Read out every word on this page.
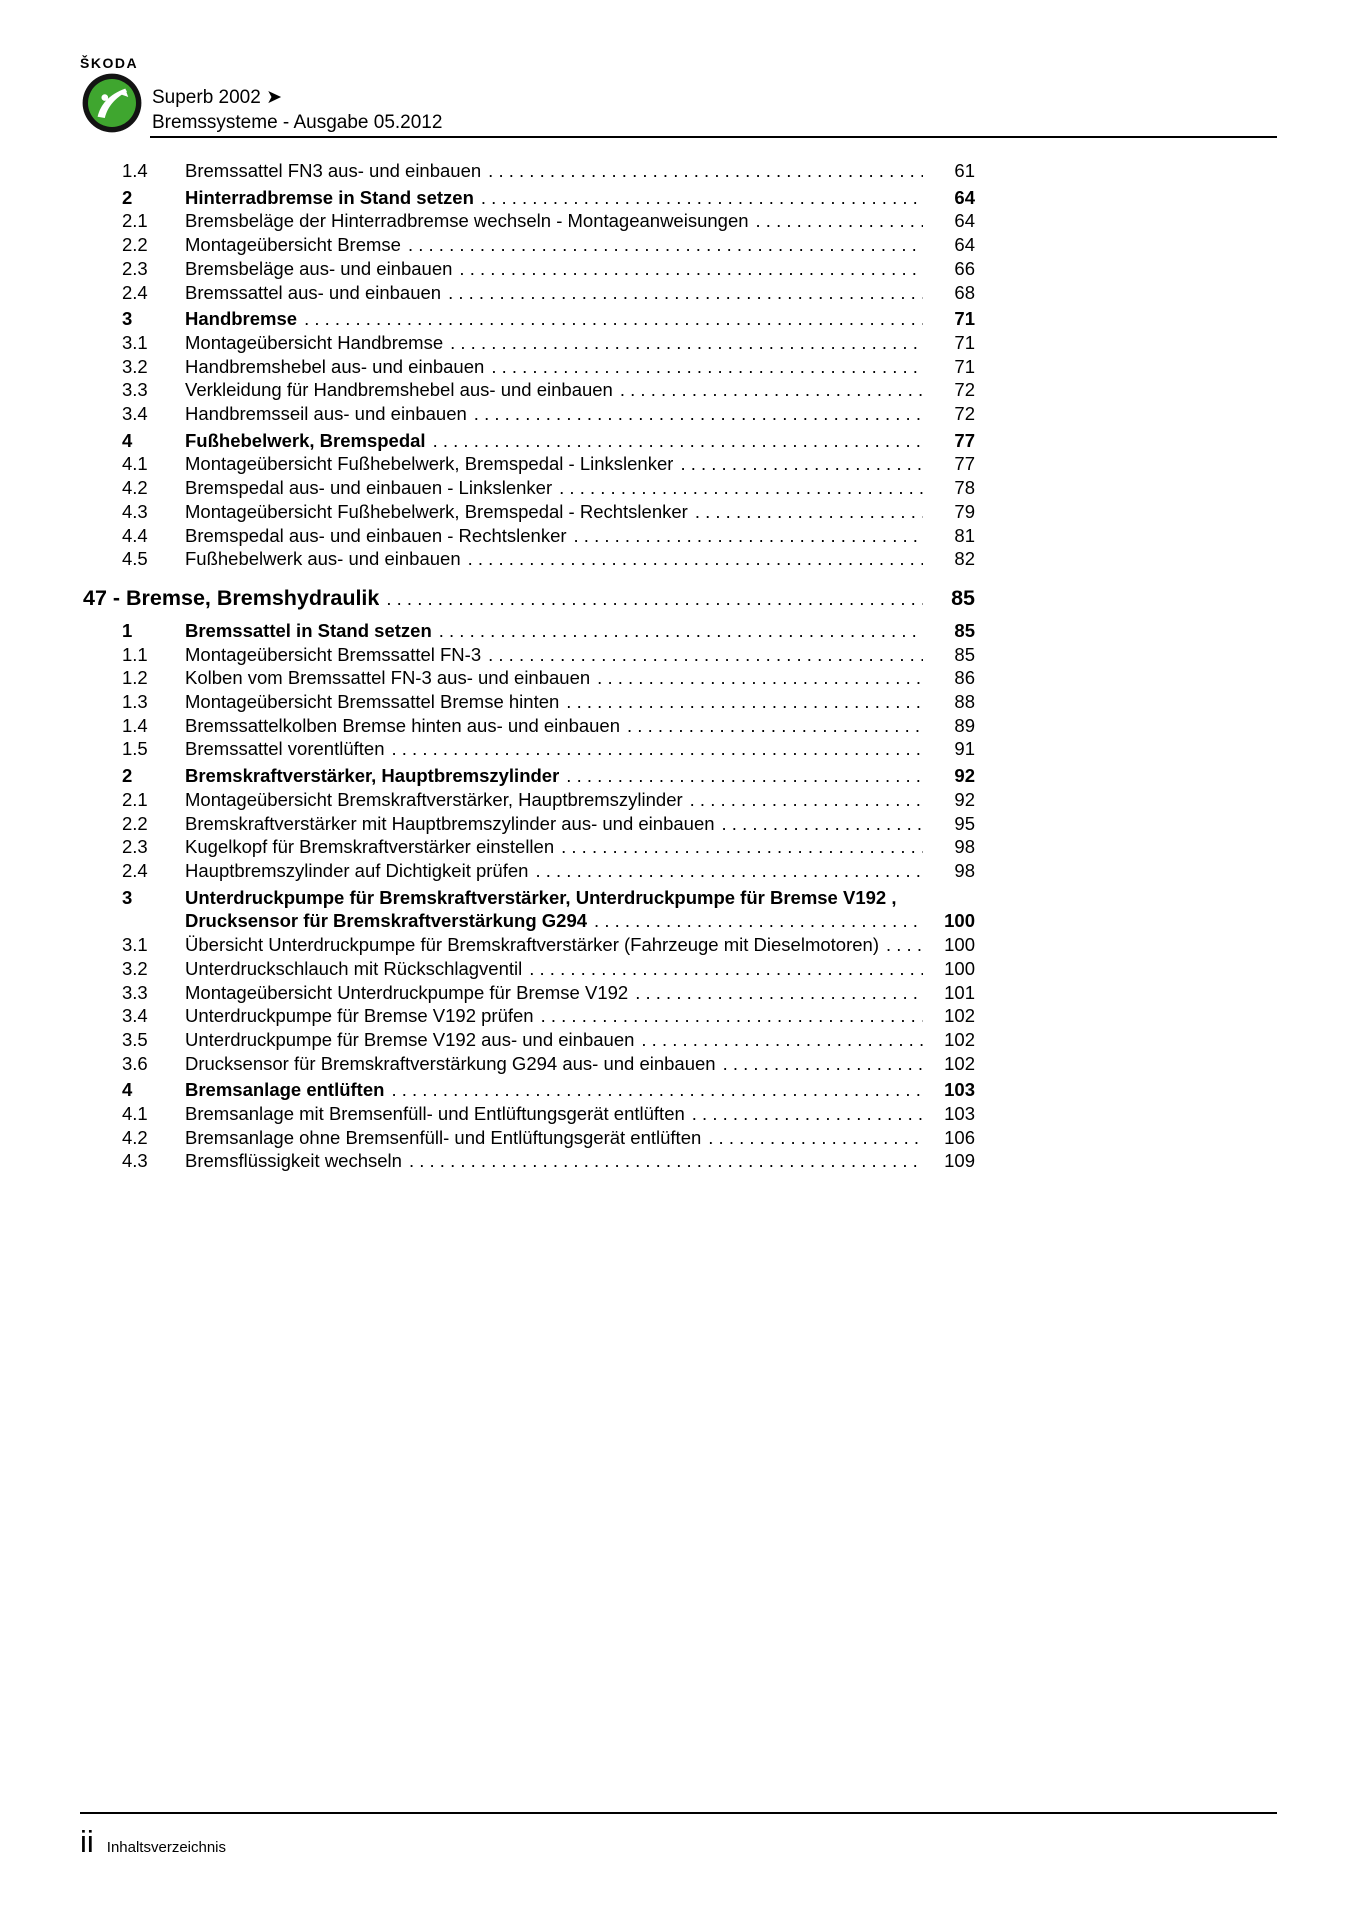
ŠKODA
Superb 2002 ➤
Bremssysteme - Ausgabe 05.2012
1.4	Bremssattel FN3 aus- und einbauen . . .	61
2	Hinterradbremse in Stand setzen . . .	64
2.1	Bremsbeläge der Hinterradbremse wechseln - Montageanweisungen . . .	64
2.2	Montageübersicht Bremse . . .	64
2.3	Bremsbeläge aus- und einbauen . . .	66
2.4	Bremssattel aus- und einbauen . . .	68
3	Handbremse . . .	71
3.1	Montageübersicht Handbremse . . .	71
3.2	Handbremshebel aus- und einbauen . . .	71
3.3	Verkleidung für Handbremshebel aus- und einbauen . . .	72
3.4	Handbremsseil aus- und einbauen . . .	72
4	Fußhebelwerk, Bremspedal . . .	77
4.1	Montageübersicht Fußhebelwerk, Bremspedal - Linkslenker . . .	77
4.2	Bremspedal aus- und einbauen - Linkslenker . . .	78
4.3	Montageübersicht Fußhebelwerk, Bremspedal - Rechtslenker . . .	79
4.4	Bremspedal aus- und einbauen - Rechtslenker . . .	81
4.5	Fußhebelwerk aus- und einbauen . . .	82
47 - Bremse, Bremshydraulik . . .	85
1	Bremssattel in Stand setzen . . .	85
1.1	Montageübersicht Bremssattel FN-3 . . .	85
1.2	Kolben vom Bremssattel FN-3 aus- und einbauen . . .	86
1.3	Montageübersicht Bremssattel Bremse hinten . . .	88
1.4	Bremssattelkolben Bremse hinten aus- und einbauen . . .	89
1.5	Bremssattel vorentlüften . . .	91
2	Bremskraftverstärker, Hauptbremszylinder . . .	92
2.1	Montageübersicht Bremskraftverstärker, Hauptbremszylinder . . .	92
2.2	Bremskraftverstärker mit Hauptbremszylinder aus- und einbauen . . .	95
2.3	Kugelkopf für Bremskraftverstärker einstellen . . .	98
2.4	Hauptbremszylinder auf Dichtigkeit prüfen . . .	98
3	Unterdruckpumpe für Bremskraftverstärker, Unterdruckpumpe für Bremse V192 ,
Drucksensor für Bremskraftverstärkung G294 . . .	100
3.1	Übersicht Unterdruckpumpe für Bremskraftverstärker (Fahrzeuge mit Dieselmotoren) . . .	100
3.2	Unterdruckschlauch mit Rückschlagventil . . .	100
3.3	Montageübersicht Unterdruckpumpe für Bremse V192 . . .	101
3.4	Unterdruckpumpe für Bremse V192 prüfen . . .	102
3.5	Unterdruckpumpe für Bremse V192 aus- und einbauen . . .	102
3.6	Drucksensor für Bremskraftverstärkung G294 aus- und einbauen . . .	102
4	Bremsanlage entlüften . . .	103
4.1	Bremsanlage mit Bremsenfüll- und Entlüftungsgerät entlüften . . .	103
4.2	Bremsanlage ohne Bremsenfüll- und Entlüftungsgerät entlüften . . .	106
4.3	Bremsflüssigkeit wechseln . . .	109
ii Inhaltsverzeichnis
